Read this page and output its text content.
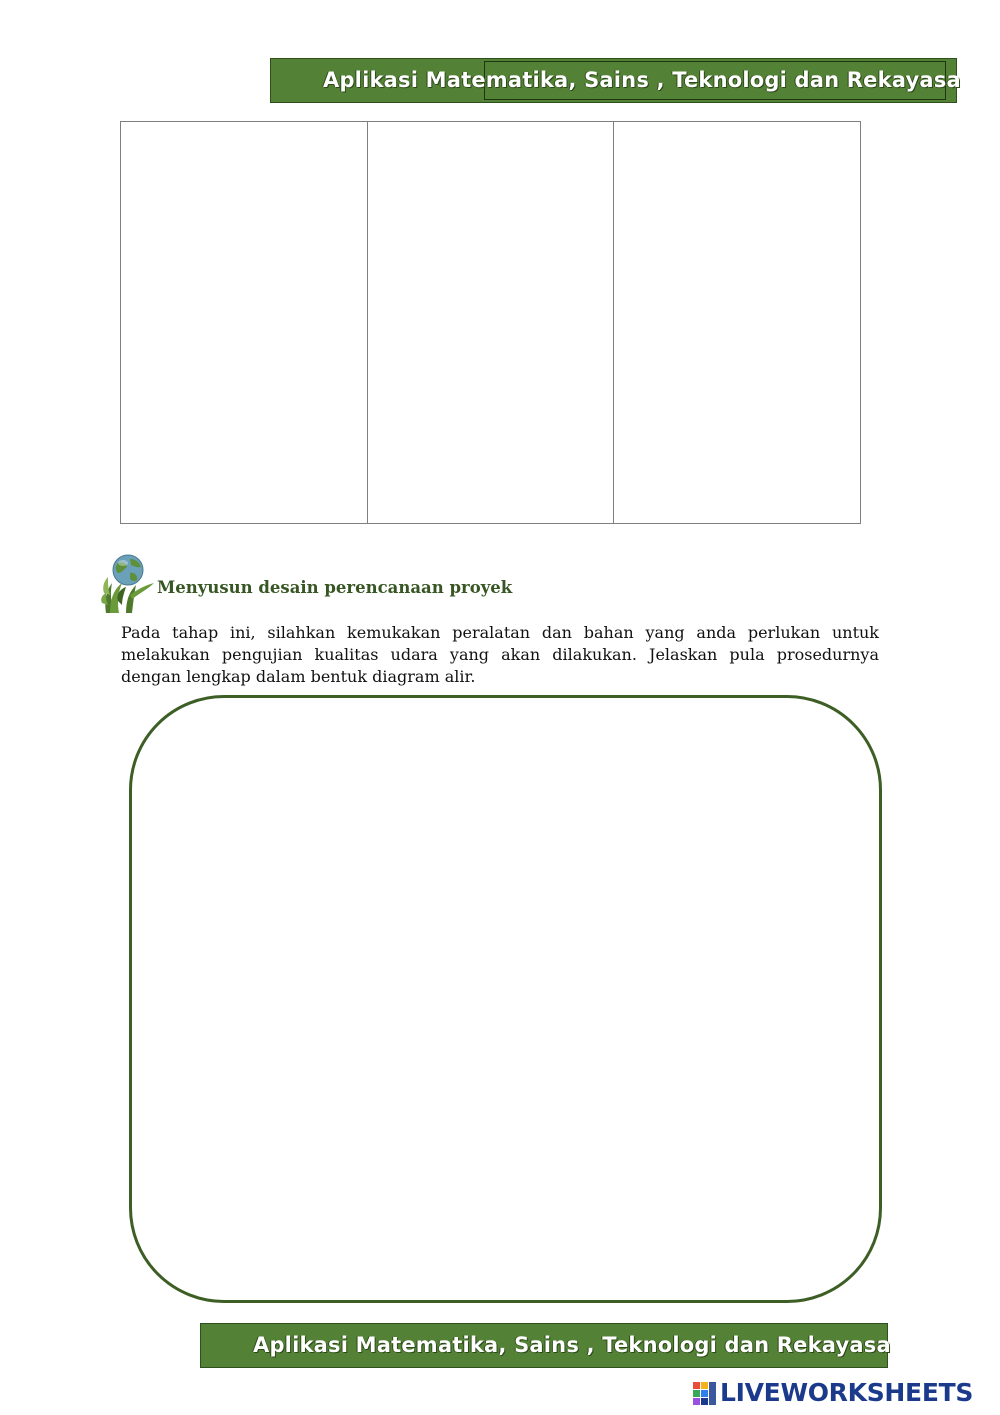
Aplikasi Matematika, Sains , Teknologi dan Rekayasa

Menyusun desain perencanaan proyek

Pada tahap ini, silahkan kemukakan peralatan dan bahan yang anda perlukan untuk melakukan pengujian kualitas udara yang akan dilakukan. Jelaskan pula prosedurnya dengan lengkap dalam bentuk diagram alir.

Aplikasi Matematika, Sains , Teknologi dan Rekayasa
LIVEWORKSHEETS
